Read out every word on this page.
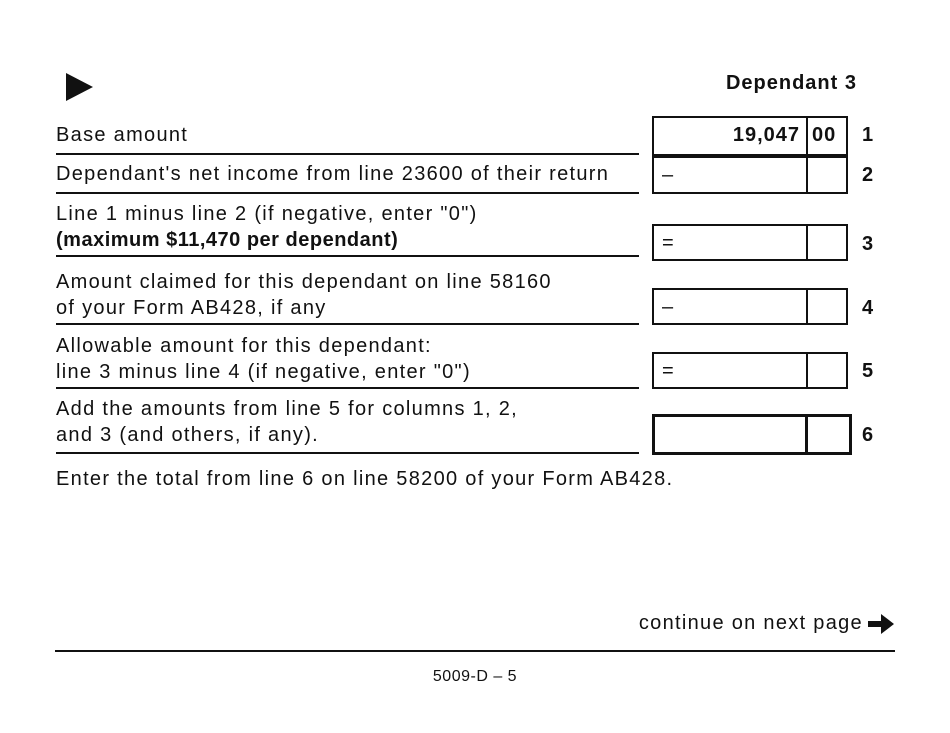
Dependant 3
Base amount	19,047 00 1
Dependant's net income from line 23600 of their return	–	2
Line 1 minus line 2 (if negative, enter "0")
(maximum $11,470 per dependant)	=	3
Amount claimed for this dependant on line 58160
of your Form AB428, if any	–	4
Allowable amount for this dependant:
line 3 minus line 4 (if negative, enter "0")	=	5
Add the amounts from line 5 for columns 1, 2,
and 3 (and others, if any).	6
Enter the total from line 6 on line 58200 of your Form AB428.
continue on next page
5009-D – 5
